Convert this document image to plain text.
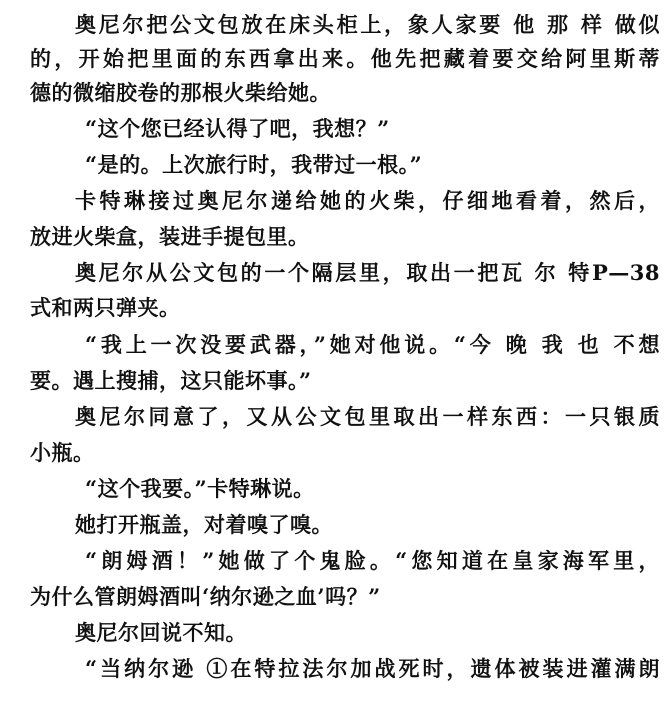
奥尼尔把公文包放在床头柜上，象人家要 他 那 样 做似
的，开始把里面的东西拿出来。他先把藏着要交给阿里斯蒂
德的微缩胶卷的那根火柴给她。
“这个您已经认得了吧，我想？”
“是的。上次旅行时，我带过一根。”
卡特琳接过奥尼尔递给她的火柴，仔细地看着，然后，
放进火柴盒，装进手提包里。
奥尼尔从公文包的一个隔层里，取出一把瓦 尔 特P—38
式和两只弹夹。
“我上一次没要武器，”她对他说。“今 晚 我 也 不想
要。遇上搜捕，这只能坏事。”
奥尼尔同意了，又从公文包里取出一样东西：一只银质
小瓶。
“这个我要。”卡特琳说。
她打开瓶盖，对着嗅了嗅。
“朗姆酒！”她做了个鬼脸。“您知道在皇家海军里，
为什么管朗姆酒叫‘纳尔逊之血’吗？”
奥尼尔回说不知。
“当纳尔逊 ①在特拉法尔加战死时，遗体被装进灌满朗
